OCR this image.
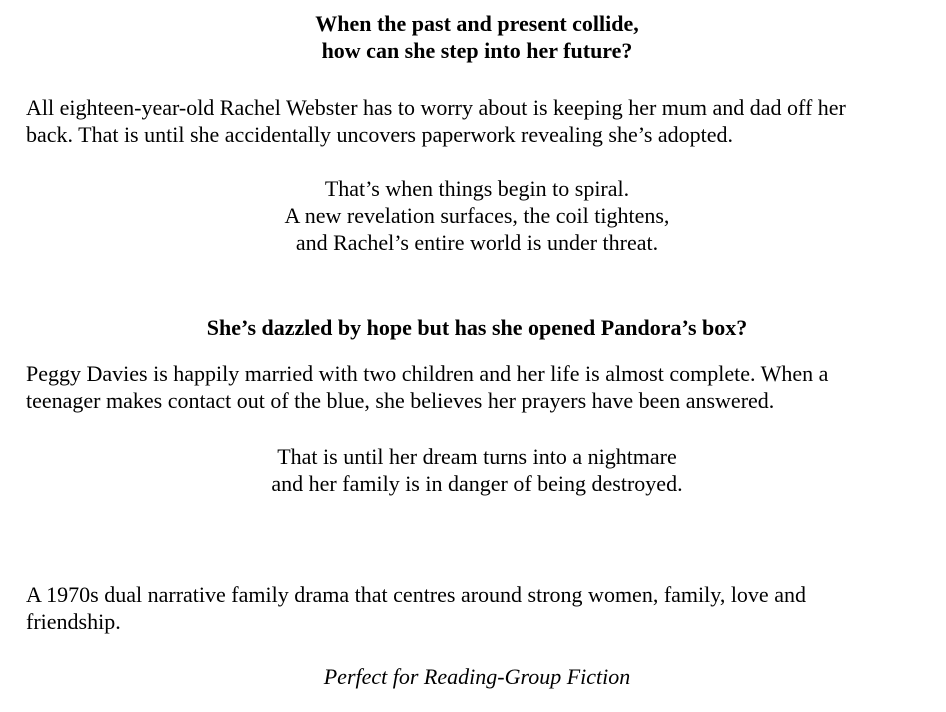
When the past and present collide,
how can she step into her future?
All eighteen-year-old Rachel Webster has to worry about is keeping her mum and dad off her
back. That is until she accidentally uncovers paperwork revealing she’s adopted.
That’s when things begin to spiral.
A new revelation surfaces, the coil tightens,
and Rachel’s entire world is under threat.
She’s dazzled by hope but has she opened Pandora’s box?
Peggy Davies is happily married with two children and her life is almost complete. When a
teenager makes contact out of the blue, she believes her prayers have been answered.
That is until her dream turns into a nightmare
and her family is in danger of being destroyed.
A 1970s dual narrative family drama that centres around strong women, family, love and
friendship.
Perfect for Reading-Group Fiction
